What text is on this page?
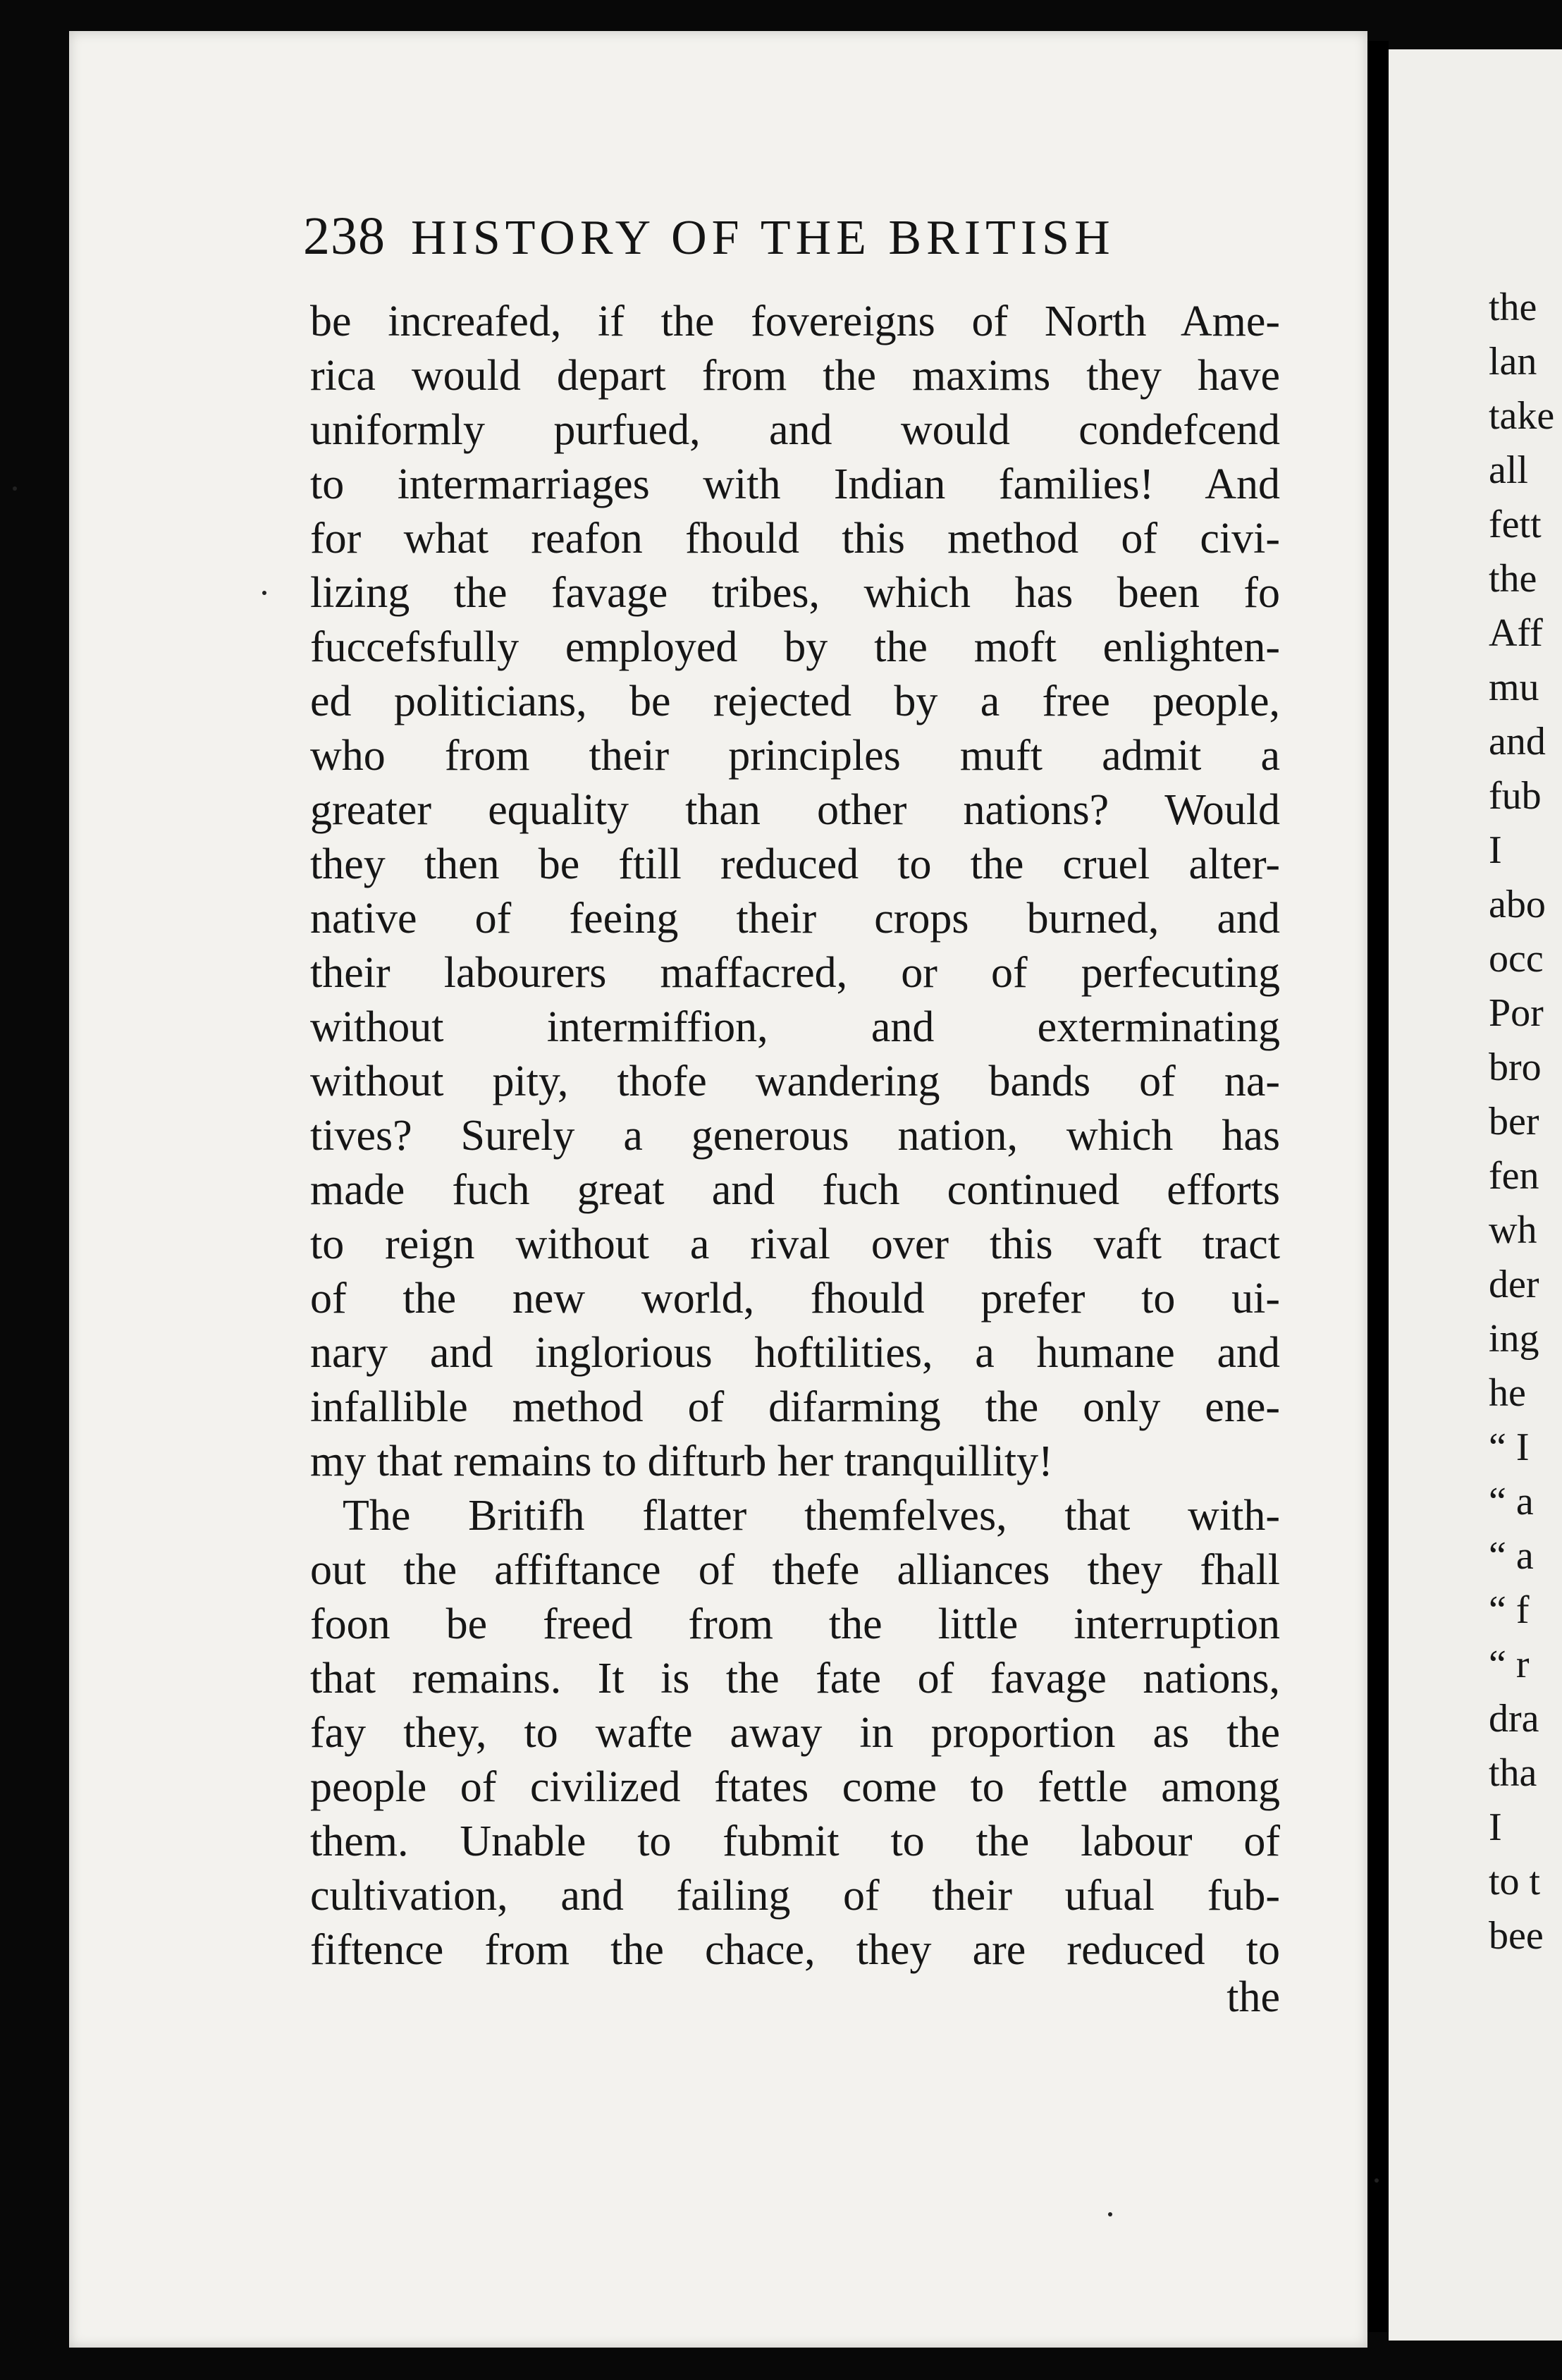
238 HISTORY OF THE BRITISH
be increafed, if the fovereigns of North Ame-
rica would depart from the maxims they have
uniformly purfued, and would condefcend
to intermarriages with Indian families! And
for what reafon fhould this method of civi-
lizing the favage tribes, which has been fo
fuccefsfully employed by the moft enlighten-
ed politicians, be rejected by a free people,
who from their principles muft admit a
greater equality than other nations? Would
they then be ftill reduced to the cruel alter-
native of feeing their crops burned, and
their labourers maffacred, or of perfecuting
without intermiffion, and exterminating
without pity, thofe wandering bands of na-
tives? Surely a generous nation, which has
made fuch great and fuch continued efforts
to reign without a rival over this vaft tract
of the new world, fhould prefer to ui-
nary and inglorious hoftilities, a humane and
infallible method of difarming the only ene-
my that remains to difturb her tranquillity!
The Britifh flatter themfelves, that with-
out the affiftance of thefe alliances they fhall
foon be freed from the little interruption
that remains. It is the fate of favage nations,
fay they, to wafte away in proportion as the
people of civilized ftates come to fettle among
them. Unable to fubmit to the labour of
cultivation, and failing of their ufual fub-
fiftence from the chace, they are reduced to
the
the
lan
take
all
fett
the
Aff
mu
and
fub
I
abo
occ
Por
bro
ber
fen
wh
der
ing
he
“ I
“ a
“ a
“ f
“ r
dra
tha
I
to t
bee
